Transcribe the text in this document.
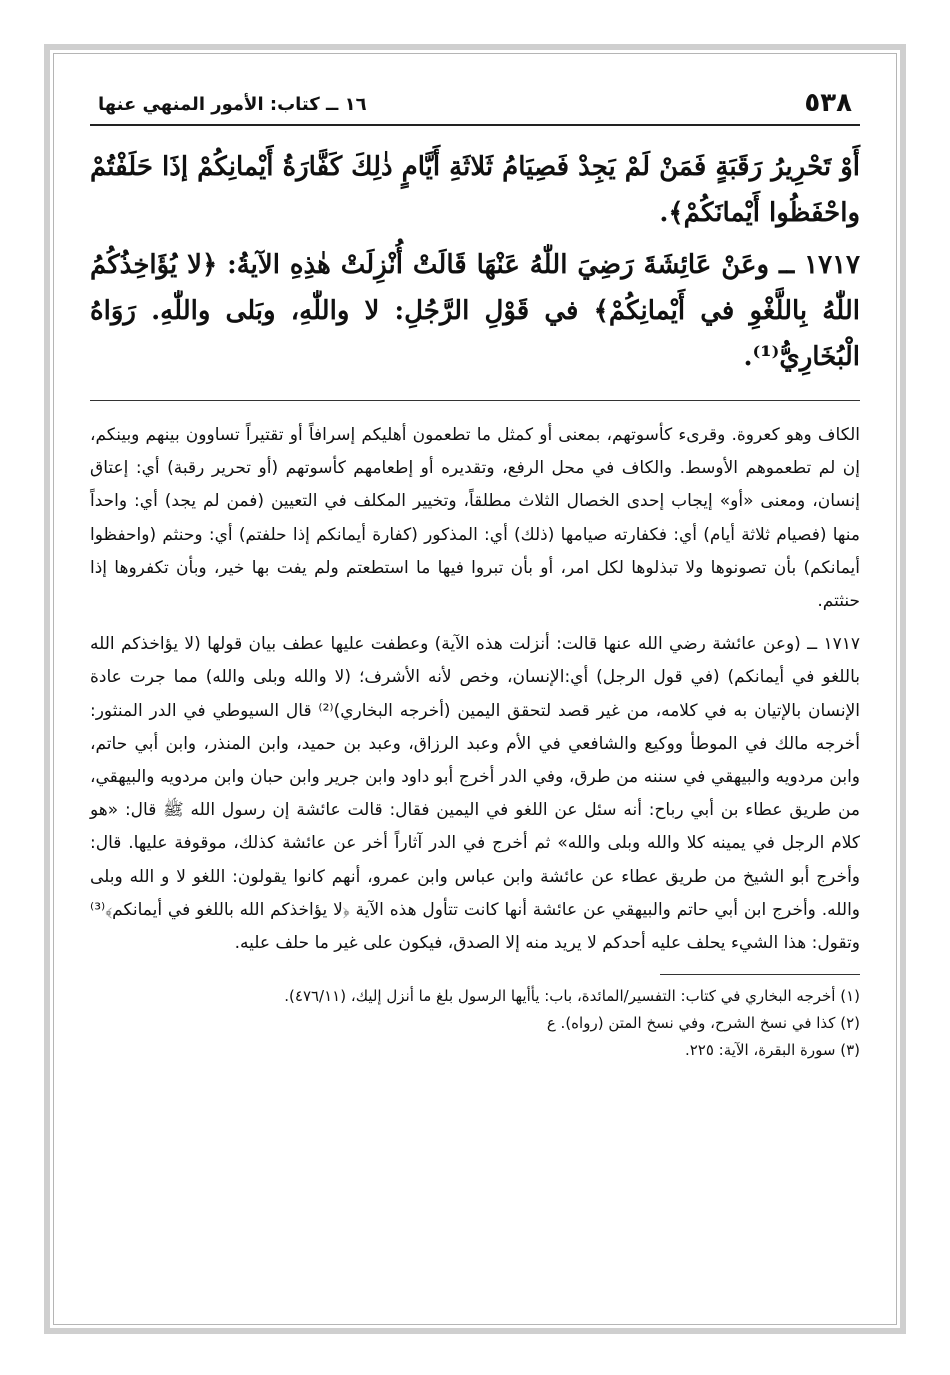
٥٣٨
١٦ ــ كتاب: الأمور المنهي عنها

أَوْ تَحْرِيرُ رَقَبَةٍ فَمَنْ لَمْ يَجِدْ فَصِيَامُ ثَلاثَةِ أَيَّامٍ ذٰلِكَ كَفَّارَةُ أَيْمانِكُمْ إذَا حَلَفْتُمْ واحْفَظُوا أَيْمانَكُمْ﴾.

١٧١٧ ــ وعَنْ عَائِشَةَ رَضِيَ اللّٰهُ عَنْهَا قَالَتْ أُنْزِلَتْ هٰذِهِ الآيةُ: ﴿لا يُؤَاخِذُكُمُ اللّٰهُ بِاللَّغْوِ في أَيْمانِكُمْ﴾ في قَوْلِ الرَّجُلِ: لا واللّٰهِ، وبَلى واللّٰهِ. رَوَاهُ الْبُخَارِيُّ⁽¹⁾.

الكاف وهو كعروة. وقرىء كأسوتهم، بمعنى أو كمثل ما تطعمون أهليكم إسرافاً أو تقتيراً تساوون بينهم وبينكم، إن لم تطعموهم الأوسط. والكاف في محل الرفع، وتقديره أو إطعامهم كأسوتهم (أو تحرير رقبة) أي: إعتاق إنسان، ومعنى «أو» إيجاب إحدى الخصال الثلاث مطلقاً، وتخيير المكلف في التعيين (فمن لم يجد) أي: واحداً منها (فصيام ثلاثة أيام) أي: فكفارته صيامها (ذلك) أي: المذكور (كفارة أيمانكم إذا حلفتم) أي: وحنثم (واحفظوا أيمانكم) بأن تصونوها ولا تبذلوها لكل امر، أو بأن تبروا فيها ما استطعتم ولم يفت بها خير، وبأن تكفروها إذا حنثتم.

١٧١٧ ــ (وعن عائشة رضي الله عنها قالت: أنزلت هذه الآية) وعطفت عليها عطف بيان قولها (لا يؤاخذكم الله باللغو في أيمانكم) (في قول الرجل) أي:الإنسان، وخص لأنه الأشرف؛ (لا والله وبلى والله) مما جرت عادة الإنسان بالإتيان به في كلامه، من غير قصد لتحقق اليمين (أخرجه البخاري)⁽²⁾ قال السيوطي في الدر المنثور: أخرجه مالك في الموطأ ووكيع والشافعي في الأم وعبد الرزاق، وعبد بن حميد، وابن المنذر، وابن أبي حاتم، وابن مردويه والبيهقي في سننه من طرق، وفي الدر أخرج أبو داود وابن جرير وابن حبان وابن مردويه والبيهقي، من طريق عطاء بن أبي رباح: أنه سئل عن اللغو في اليمين فقال: قالت عائشة إن رسول الله ﷺ قال: «هو كلام الرجل في يمينه كلا والله وبلى والله» ثم أخرج في الدر آثاراً أخر عن عائشة كذلك، موقوفة عليها. قال: وأخرج أبو الشيخ من طريق عطاء عن عائشة وابن عباس وابن عمرو، أنهم كانوا يقولون: اللغو لا و الله وبلى والله. وأخرج ابن أبي حاتم والبيهقي عن عائشة أنها كانت تتأول هذه الآية ﴿لا يؤاخذكم الله باللغو في أيمانكم﴾⁽³⁾ وتقول: هذا الشيء يحلف عليه أحدكم لا يريد منه إلا الصدق، فيكون على غير ما حلف عليه.

(١) أخرجه البخاري في كتاب: التفسير/المائدة، باب: يأأيها الرسول بلغ ما أنزل إليك، (٤٧٦/١١).
(٢) كذا في نسخ الشرح، وفي نسخ المتن (رواه). ع
(٣) سورة البقرة، الآية: ٢٢٥.
